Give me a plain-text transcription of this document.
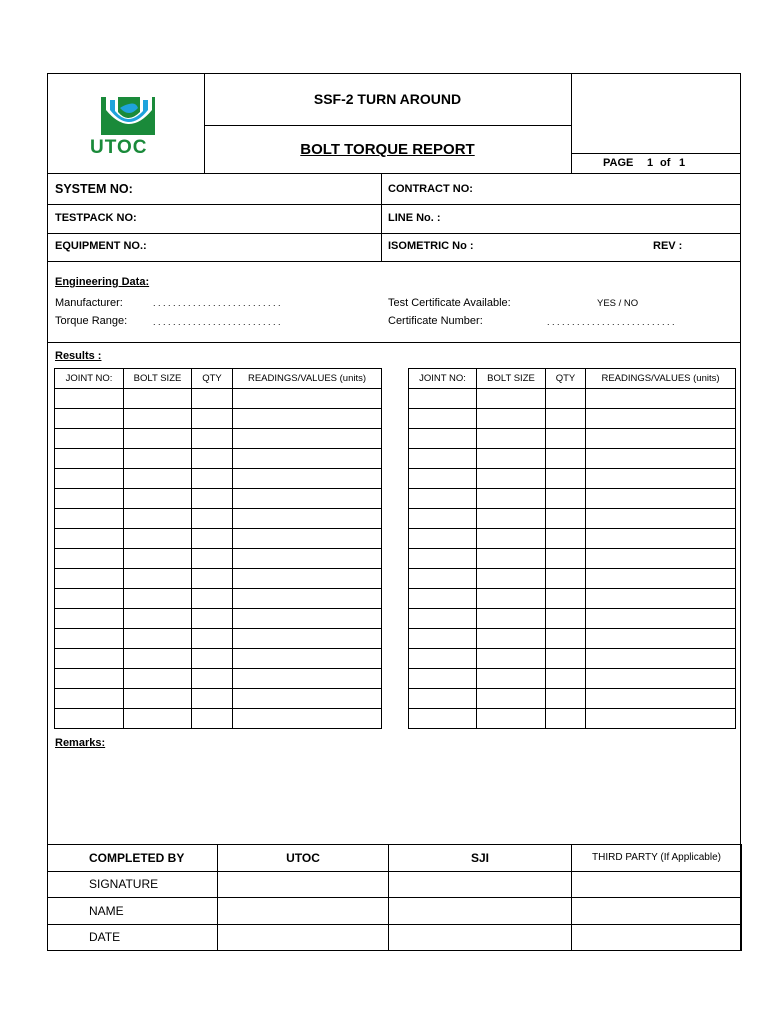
UTOC
SSF-2 TURN AROUND
BOLT TORQUE REPORT
PAGE 1 of 1
SYSTEM NO:	CONTRACT NO:
TESTPACK NO:	LINE No. :
EQUIPMENT NO.:	ISOMETRIC No :	REV :
Engineering Data:
Manufacturer:	. . . . . . . . . . . . . . . . . . . . . . . . . .
Torque Range:	. . . . . . . . . . . . . . . . . . . . . . . . . .
Test Certificate Available:	YES / NO
Certificate Number:	. . . . . . . . . . . . . . . . . . . . . . . . . .
Results :
JOINT NO:	BOLT SIZE	QTY	READINGS/VALUES (units)

				JOINT NO:	BOLT SIZE	QTY	READINGS/VALUES (units)

Remarks:
COMPLETED BY	UTOC	SJI	THIRD PARTY (If Applicable)
SIGNATURE			
NAME			
DATE			
